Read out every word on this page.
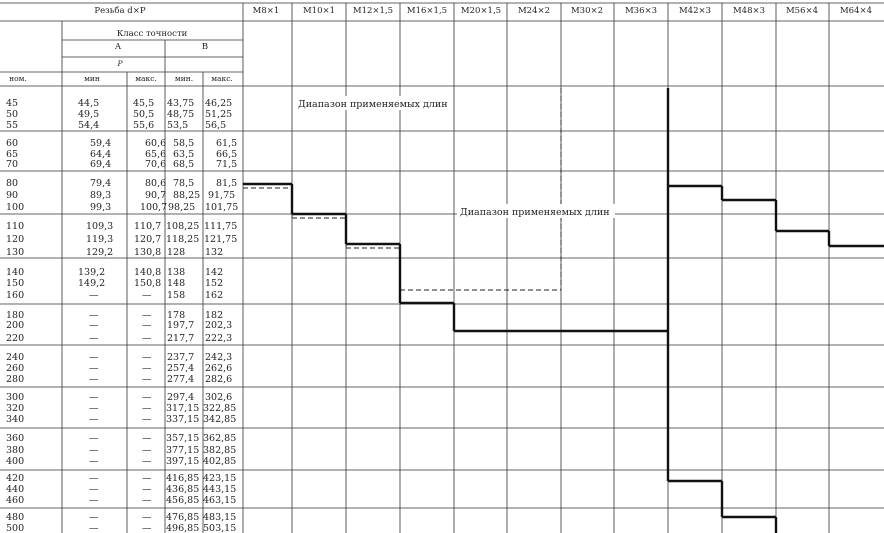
Резьба d×P
Класс точности
А	В
P
ном.	мин	макс. мин. макс.
M8×1	M10×1 M12×1,5 M16×1,5 M20×1,5 M24×2 M30×2	M36×3	M42×3	M48×3 M56×4	M64×4
45	44,5	45,5 43,75 46,25
50	49,5	50,5 48,75 51,25
55	54,4	55,6 53,5 56,5
60	59,4	60,6 58,5 61,5
65	64,4	65,6 63,5 66,5
70	69,4	70,6 68,5 71,5
80	79,4	80,6 78,5 81,5
90	89,3	90,7 88,25 91,75
100	99,3	100,7 98,25 101,75
110	109,3 110,7 108,25 111,75
120	119,3 120,7 118,25 121,75
130	129,2 130,8 128 132
140	139,2	140,8 138 142
150	149,2	150,8 148 152
160	—	— 158 162
180	—	— 178 182
200	—	— 197,7 202,3
220	—	— 217,7 222,3
240	—	— 237,7 242,3
260	—	— 257,4 262,6
280	—	— 277,4 282,6
300	—	— 297,4 302,6
320	—	— 317,15 322,85
340	—	— 337,15 342,85
360	—	— 357,15 362,85
380	—	— 377,15 382,85
400	—	— 397,15 402,85
420	—	— 416,85 423,15
440	—	— 436,85 443,15
460	—	— 456,85 463,15
480	—	— 476,85 483,15
500	—	— 496,85 503,15
Диапазон применяемых длин
Диапазон применяемых длин
